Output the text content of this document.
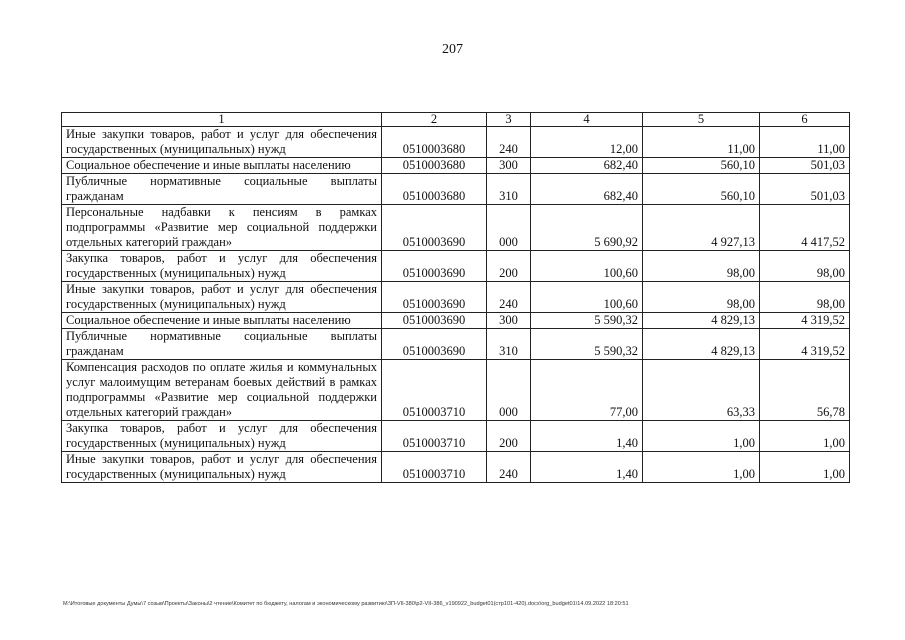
207
1	2	3	4	5	6
Иные закупки товаров, работ и услуг для обеспечения государственных (муниципальных) нужд	0510003680	240	12,00	11,00	11,00
Социальное обеспечение и иные выплаты населению	0510003680	300	682,40	560,10	501,03
Публичные нормативные социальные выплаты гражданам	0510003680	310	682,40	560,10	501,03
Персональные надбавки к пенсиям в рамках подпрограммы «Развитие мер социальной поддержки отдельных категорий граждан»	0510003690	000	5 690,92	4 927,13	4 417,52
Закупка товаров, работ и услуг для обеспечения государственных (муниципальных) нужд	0510003690	200	100,60	98,00	98,00
Иные закупки товаров, работ и услуг для обеспечения государственных (муниципальных) нужд	0510003690	240	100,60	98,00	98,00
Социальное обеспечение и иные выплаты населению	0510003690	300	5 590,32	4 829,13	4 319,52
Публичные нормативные социальные выплаты гражданам	0510003690	310	5 590,32	4 829,13	4 319,52
Компенсация расходов по оплате жилья и коммунальных услуг малоимущим ветеранам боевых действий в рамках подпрограммы «Развитие мер социальной поддержки отдельных категорий граждан»	0510003710	000	77,00	63,33	56,78
Закупка товаров, работ и услуг для обеспечения государственных (муниципальных) нужд	0510003710	200	1,40	1,00	1,00
Иные закупки товаров, работ и услуг для обеспечения государственных (муниципальных) нужд	0510003710	240	1,40	1,00	1,00
M:\Итоговые документы Думы\7 созыв\Проекты\Законы\2 чтение\Комитет по бюджету, налогам и экономическому развитию\ЗП-VII-380\р2-VII-386_v190922_budget01(стр101-420).docx\org_budget01\14.09.2022 18:20:51
